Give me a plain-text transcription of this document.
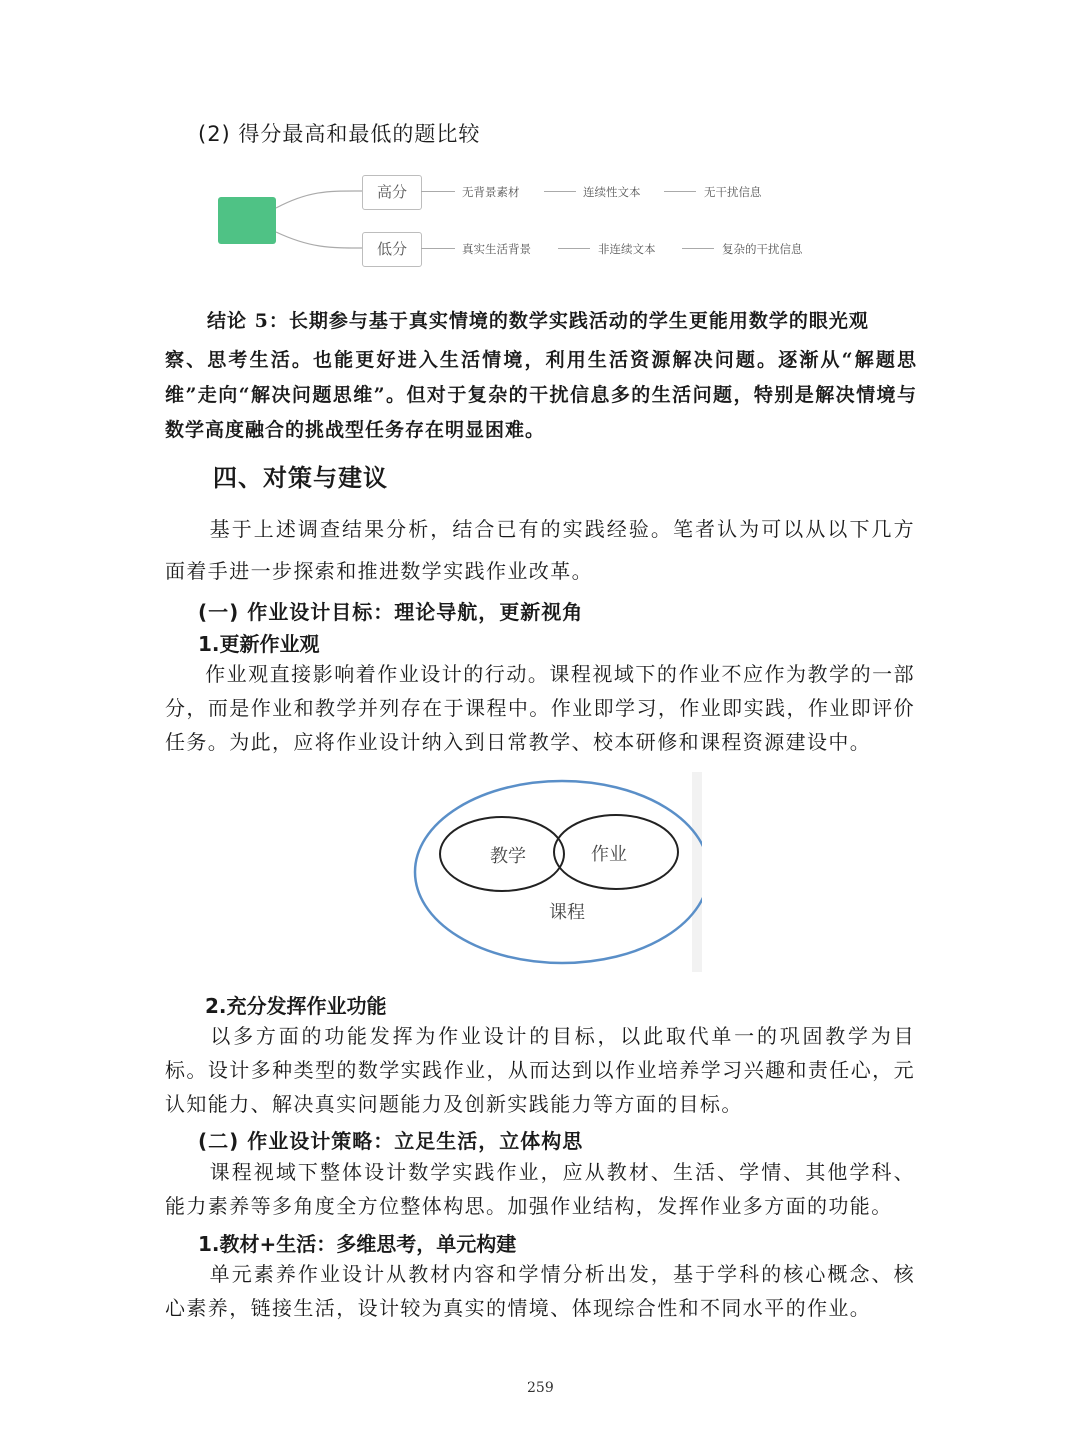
(2) 得分最高和最低的题比较
高分	无背景素材	连续性文本	无干扰信息
低分	真实生活背景	非连续文本	复杂的干扰信息
结论 5：长期参与基于真实情境的数学实践活动的学生更能用数学的眼光观
察、思考生活。也能更好进入生活情境，利用生活资源解决问题。逐渐从“解题思维”走向“解决问题思维”。但对于复杂的干扰信息多的生活问题，特别是解决情境与数学高度融合的挑战型任务存在明显困难。
四、对策与建议
基于上述调查结果分析，结合已有的实践经验。笔者认为可以从以下几方面着手进一步探索和推进数学实践作业改革。
(一) 作业设计目标：理论导航，更新视角
1.更新作业观
作业观直接影响着作业设计的行动。课程视域下的作业不应作为教学的一部分，而是作业和教学并列存在于课程中。作业即学习，作业即实践，作业即评价任务。为此，应将作业设计纳入到日常教学、校本研修和课程资源建设中。
教学	作业
课程
2.充分发挥作业功能
以多方面的功能发挥为作业设计的目标，以此取代单一的巩固教学为目标。设计多种类型的数学实践作业，从而达到以作业培养学习兴趣和责任心，元认知能力、解决真实问题能力及创新实践能力等方面的目标。
(二) 作业设计策略：立足生活，立体构思
课程视域下整体设计数学实践作业，应从教材、生活、学情、其他学科、能力素养等多角度全方位整体构思。加强作业结构，发挥作业多方面的功能。
1.教材+生活：多维思考，单元构建
单元素养作业设计从教材内容和学情分析出发，基于学科的核心概念、核心素养，链接生活，设计较为真实的情境、体现综合性和不同水平的作业。
259
